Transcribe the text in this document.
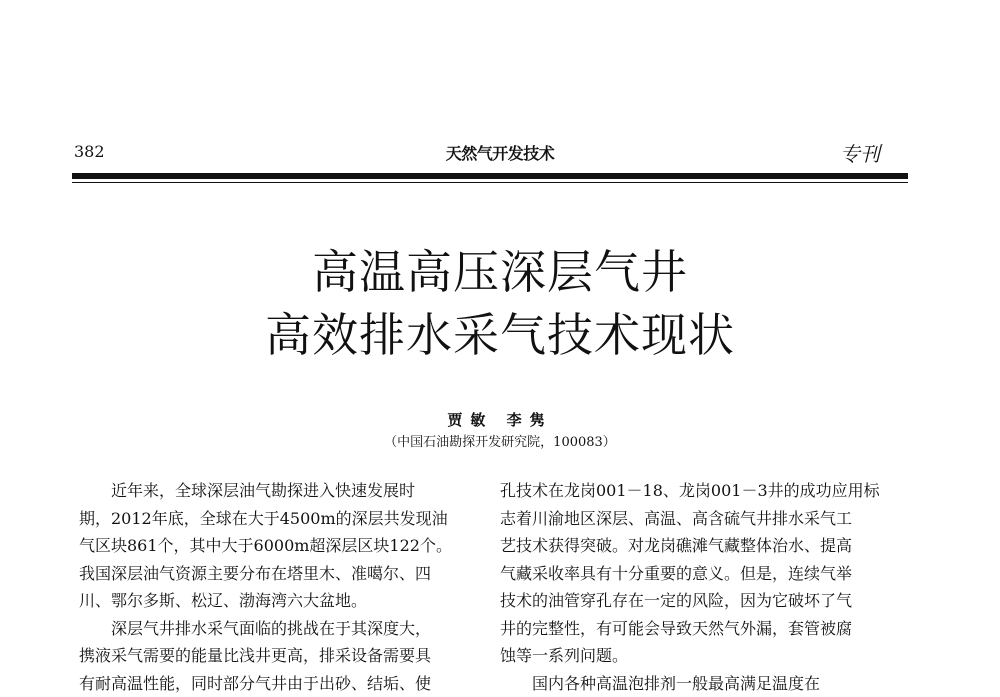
382	天然气开发技术	专刊
高温高压深层气井
高效排水采气技术现状
贾敏 李隽
（中国石油勘探开发研究院，100083）

　　近年来，全球深层油气勘探进入快速发展时

期，2012年底，全球在大于4500m的深层共发现油

气区块861个，其中大于6000m超深层区块122个。

我国深层油气资源主要分布在塔里木、准噶尔、四

川、鄂尔多斯、松辽、渤海湾六大盆地。

　　深层气井排水采气面临的挑战在于其深度大，

携液采气需要的能量比浅井更高，排采设备需要具

有耐高温性能，同时部分气井由于出砂、结垢、使

孔技术在龙岗001－18、龙岗001－3井的成功应用标

志着川渝地区深层、高温、高含硫气井排水采气工

艺技术获得突破。对龙岗礁滩气藏整体治水、提高

气藏采收率具有十分重要的意义。但是，连续气举

技术的油管穿孔存在一定的风险，因为它破坏了气

井的完整性，有可能会导致天然气外漏，套管被腐

蚀等一系列问题。

　　国内各种高温泡排剂一般最高满足温度在
